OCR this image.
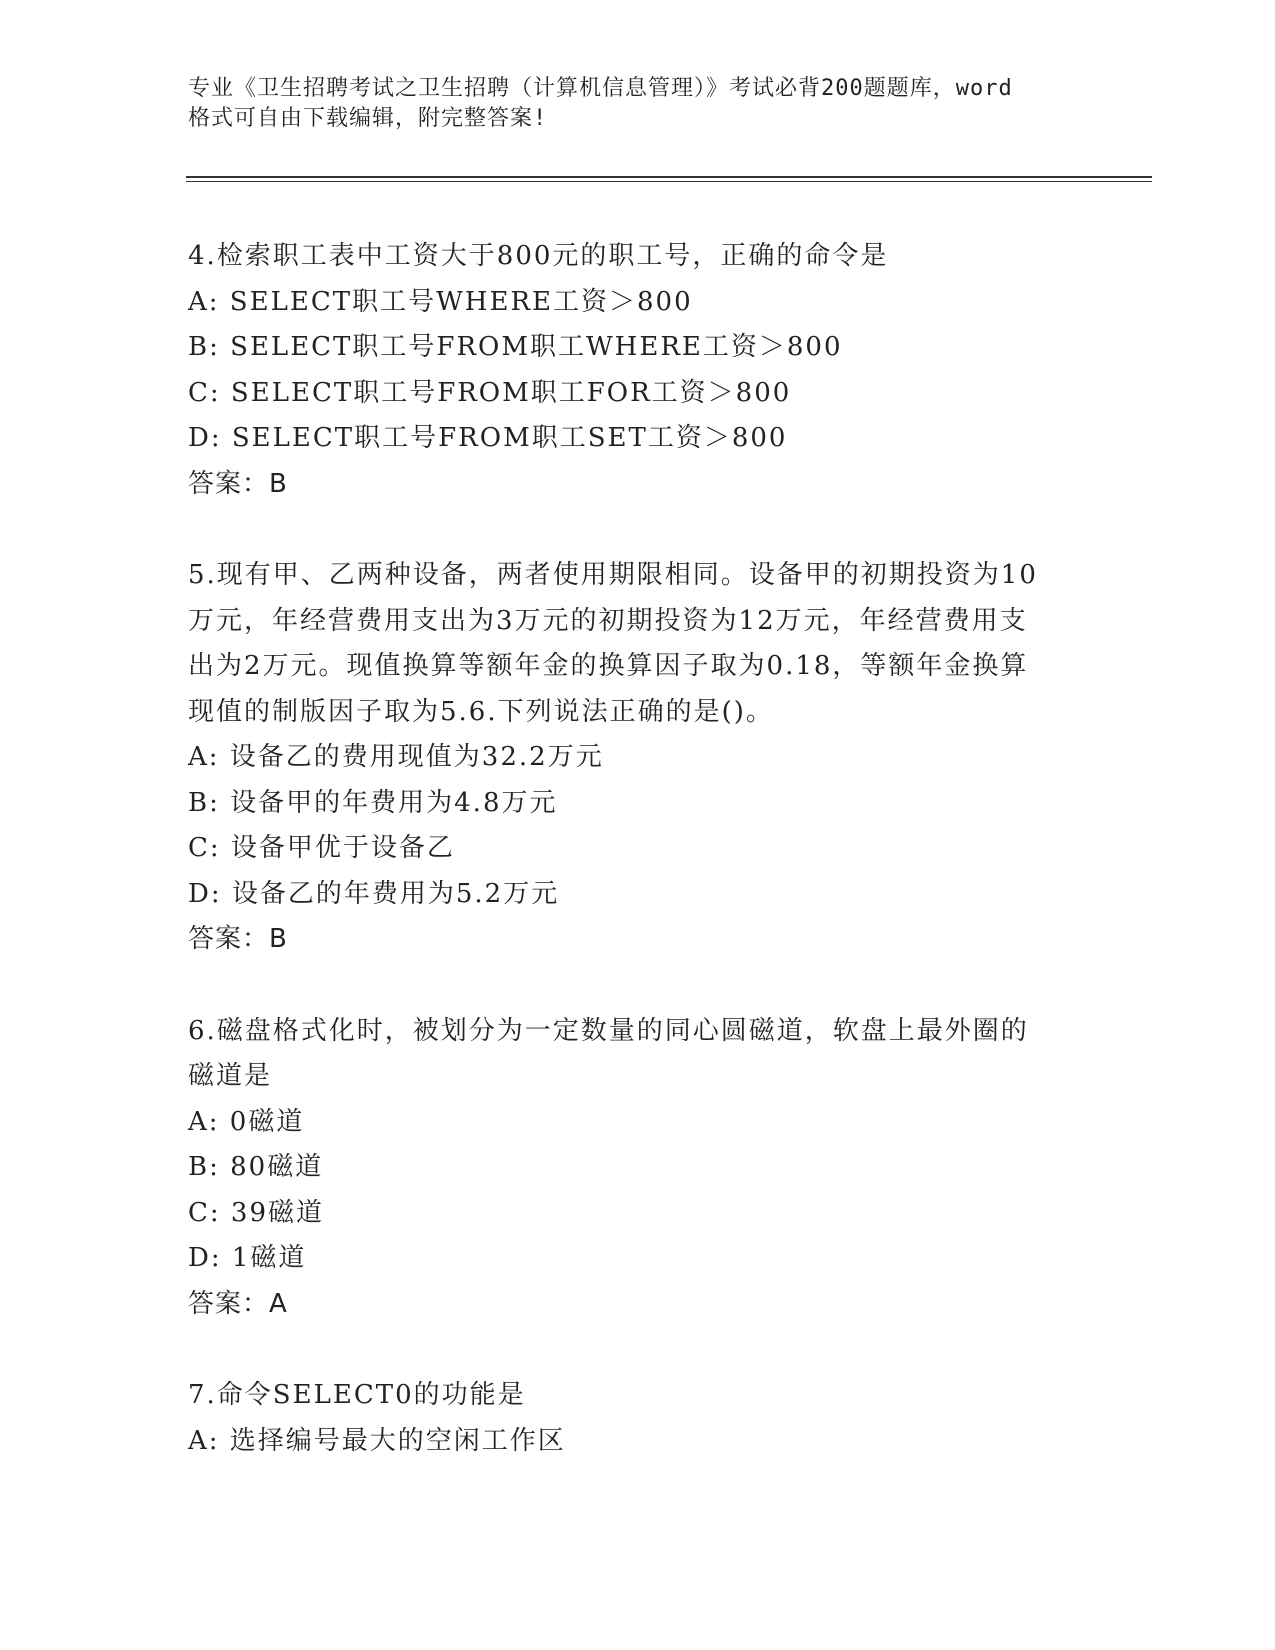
专业《卫生招聘考试之卫生招聘（计算机信息管理）》考试必背200题题库，word
格式可自由下载编辑，附完整答案!
4.检索职工表中工资大于800元的职工号，正确的命令是
A: SELECT职工号WHERE工资＞800
B: SELECT职工号FROM职工WHERE工资＞800
C: SELECT职工号FROM职工FOR工资＞800
D: SELECT职工号FROM职工SET工资＞800
答案：B
5.现有甲、乙两种设备，两者使用期限相同。设备甲的初期投资为10
万元，年经营费用支出为3万元的初期投资为12万元，年经营费用支
出为2万元。现值换算等额年金的换算因子取为0.18，等额年金换算
现值的制版因子取为5.6.下列说法正确的是()。
A: 设备乙的费用现值为32.2万元
B: 设备甲的年费用为4.8万元
C: 设备甲优于设备乙
D: 设备乙的年费用为5.2万元
答案：B
6.磁盘格式化时，被划分为一定数量的同心圆磁道，软盘上最外圈的
磁道是
A: 0磁道
B: 80磁道
C: 39磁道
D: 1磁道
答案：A
7.命令SELECT0的功能是
A: 选择编号最大的空闲工作区
